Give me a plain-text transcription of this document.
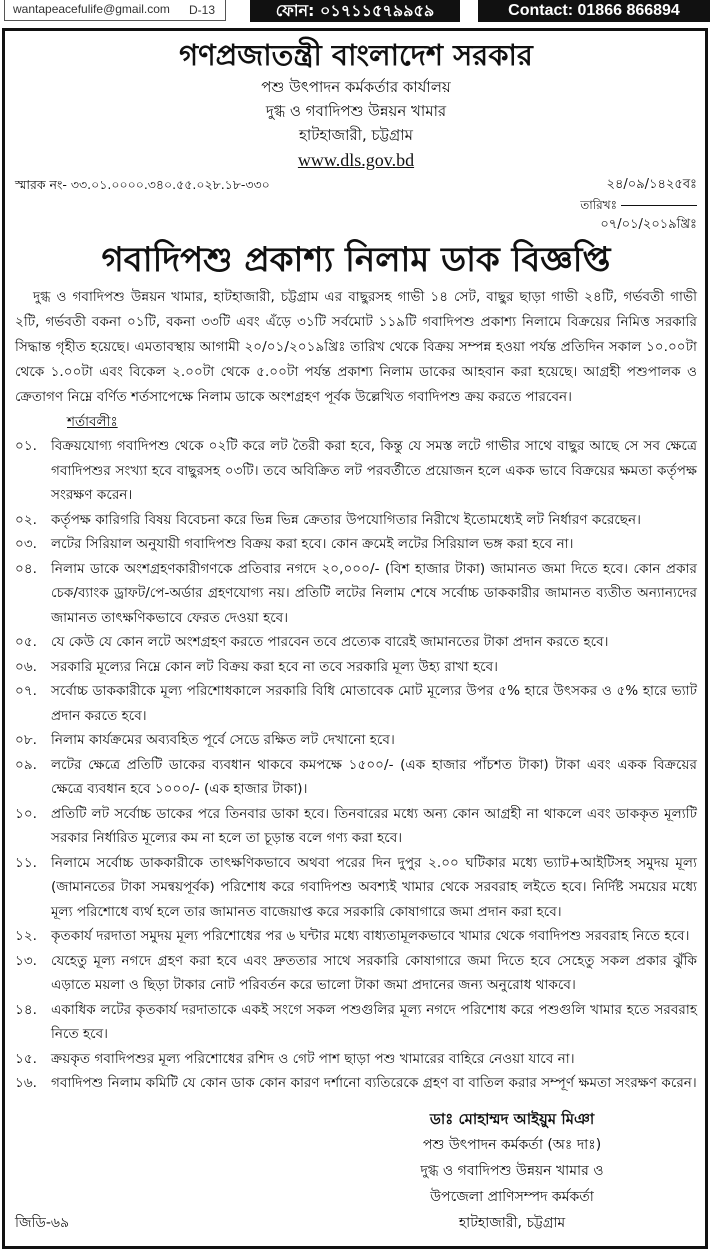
wantapeacefulife@gmail.com D-13	ফোন: ০১৭১১৫৭৯৯৫৯	Contact: 01866 866894
গণপ্রজাতন্ত্রী বাংলাদেশ সরকার
পশু উৎপাদন কর্মকর্তার কার্যালয়
দুগ্ধ ও গবাদিপশু উন্নয়ন খামার
হাটহাজারী, চট্টগ্রাম
www.dls.gov.bd
স্মারক নং- ৩৩.০১.০০০০.৩৪০.৫৫.০২৮.১৮-৩৩০	২৪/০৯/১৪২৫বঃ
তারিখঃ
০৭/০১/২০১৯খ্রিঃ
গবাদিপশু প্রকাশ্য নিলাম ডাক বিজ্ঞপ্তি
দুগ্ধ ও গবাদিপশু উন্নয়ন খামার, হাটহাজারী, চট্টগ্রাম এর বাছুরসহ গাভী ১৪ সেট, বাছুর ছাড়া গাভী ২৪টি, গর্ভবতী গাভী ২টি, গর্ভবতী বকনা ০১টি, বকনা ৩৩টি এবং এঁড়ে ৩১টি সর্বমোট ১১৯টি গবাদিপশু প্রকাশ্য নিলামে বিক্রয়ের নিমিত্ত সরকারি সিদ্ধান্ত গৃহীত হয়েছে। এমতাবস্থায় আগামী ২০/০১/২০১৯খ্রিঃ তারিখ থেকে বিক্রয় সম্পন্ন হওয়া পর্যন্ত প্রতিদিন সকাল ১০.০০টা থেকে ১.০০টা এবং বিকেল ২.০০টা থেকে ৫.০০টা পর্যন্ত প্রকাশ্য নিলাম ডাকের আহবান করা হয়েছে। আগ্রহী পশুপালক ও ক্রেতাগণ নিম্নে বর্ণিত শর্তসাপেক্ষে নিলাম ডাকে অংশগ্রহণ পূর্বক উল্লেখিত গবাদিপশু ক্রয় করতে পারবেন।
শর্তাবলীঃ
০১.	বিক্রয়যোগ্য গবাদিপশু থেকে ০২টি করে লট তৈরী করা হবে, কিন্তু যে সমস্ত লটে গাভীর সাথে বাছুর আছে সে সব ক্ষেত্রে গবাদিপশুর সংখ্যা হবে বাছুরসহ ০৩টি। তবে অবিক্রিত লট পরবর্তীতে প্রয়োজন হলে একক ভাবে বিক্রয়ের ক্ষমতা কর্তৃপক্ষ সংরক্ষণ করেন।
০২.	কর্তৃপক্ষ কারিগরি বিষয় বিবেচনা করে ভিন্ন ভিন্ন ক্রেতার উপযোগিতার নিরীখে ইতোমধ্যেই লট নির্ধারণ করেছেন।
০৩.	লটের সিরিয়াল অনুযায়ী গবাদিপশু বিক্রয় করা হবে। কোন ক্রমেই লটের সিরিয়াল ভঙ্গ করা হবে না।
০৪.	নিলাম ডাকে অংশগ্রহণকারীগণকে প্রতিবার নগদে ২০,০০০/- (বিশ হাজার টাকা) জামানত জমা দিতে হবে। কোন প্রকার চেক/ব্যাংক ড্রাফট/পে-অর্ডার গ্রহণযোগ্য নয়। প্রতিটি লটের নিলাম শেষে সর্বোচ্চ ডাককারীর জামানত ব্যতীত অন্যান্যদের জামানত তাৎক্ষণিকভাবে ফেরত দেওয়া হবে।
০৫.	যে কেউ যে কোন লটে অংশগ্রহণ করতে পারবেন তবে প্রত্যেক বারেই জামানতের টাকা প্রদান করতে হবে।
০৬.	সরকারি মূল্যের নিম্নে কোন লট বিক্রয় করা হবে না তবে সরকারি মূল্য উহ্য রাখা হবে।
০৭.	সর্বোচ্চ ডাককারীকে মূল্য পরিশোধকালে সরকারি বিধি মোতাবেক মোট মূল্যের উপর ৫% হারে উৎসকর ও ৫% হারে ভ্যাট প্রদান করতে হবে।
০৮.	নিলাম কার্যক্রমের অব্যবহিত পূর্বে সেডে রক্ষিত লট দেখানো হবে।
০৯.	লটের ক্ষেত্রে প্রতিটি ডাকের ব্যবধান থাকবে কমপক্ষে ১৫০০/- (এক হাজার পাঁচশত টাকা) টাকা এবং একক বিক্রয়ের ক্ষেত্রে ব্যবধান হবে ১০০০/- (এক হাজার টাকা)।
১০.	প্রতিটি লট সর্বোচ্চ ডাকের পরে তিনবার ডাকা হবে। তিনবারের মধ্যে অন্য কোন আগ্রহী না থাকলে এবং ডাককৃত মূল্যটি সরকার নির্ধারিত মূল্যের কম না হলে তা চূড়ান্ত বলে গণ্য করা হবে।
১১.	নিলামে সর্বোচ্চ ডাককারীকে তাৎক্ষণিকভাবে অথবা পরের দিন দুপুর ২.০০ ঘটিকার মধ্যে ভ্যাট+আইটিসহ সমুদয় মূল্য (জামানতের টাকা সমন্বয়পূর্বক) পরিশোধ করে গবাদিপশু অবশ্যই খামার থেকে সরবরাহ লইতে হবে। নির্দিষ্ট সময়ের মধ্যে মূল্য পরিশোধে ব্যর্থ হলে তার জামানত বাজেয়াপ্ত করে সরকারি কোষাগারে জমা প্রদান করা হবে।
১২.	কৃতকার্য দরদাতা সমুদয় মূল্য পরিশোধের পর ৬ ঘন্টার মধ্যে বাধ্যতামূলকভাবে খামার থেকে গবাদিপশু সরবরাহ নিতে হবে।
১৩.	যেহেতু মূল্য নগদে গ্রহণ করা হবে এবং দ্রুততার সাথে সরকারি কোষাগারে জমা দিতে হবে সেহেতু সকল প্রকার ঝুঁকি এড়াতে ময়লা ও ছিড়া টাকার নোট পরিবর্তন করে ভালো টাকা জমা প্রদানের জন্য অনুরোধ থাকবে।
১৪.	একাধিক লটের কৃতকার্য দরদাতাকে একই সংগে সকল পশুগুলির মূল্য নগদে পরিশোধ করে পশুগুলি খামার হতে সরবরাহ নিতে হবে।
১৫.	ক্রয়কৃত গবাদিপশুর মূল্য পরিশোধের রশিদ ও গেট পাশ ছাড়া পশু খামারের বাহিরে নেওয়া যাবে না।
১৬.	গবাদিপশু নিলাম কমিটি যে কোন ডাক কোন কারণ দর্শানো ব্যতিরেকে গ্রহণ বা বাতিল করার সম্পূর্ণ ক্ষমতা সংরক্ষণ করেন।
জিডি-৬৯
ডাঃ মোহাম্মদ আইয়ুম মিঞা
পশু উৎপাদন কর্মকর্তা (অঃ দাঃ)
দুগ্ধ ও গবাদিপশু উন্নয়ন খামার ও
উপজেলা প্রাণিসম্পদ কর্মকর্তা
হাটহাজারী, চট্টগ্রাম
